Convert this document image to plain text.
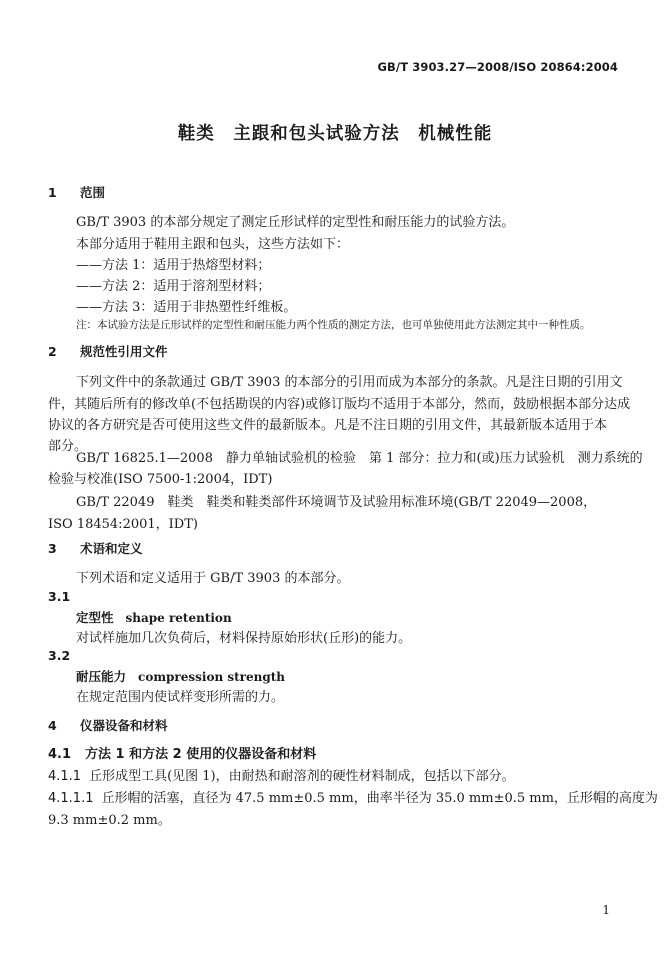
GB/T 3903.27—2008/ISO 20864:2004
鞋类　主跟和包头试验方法　机械性能
1 范围
GB/T 3903 的本部分规定了测定丘形试样的定型性和耐压能力的试验方法。
本部分适用于鞋用主跟和包头，这些方法如下：
——方法 1：适用于热熔型材料；
——方法 2：适用于溶剂型材料；
——方法 3：适用于非热塑性纤维板。
注：本试验方法是丘形试样的定型性和耐压能力两个性质的测定方法，也可单独使用此方法测定其中一种性质。
2 规范性引用文件
下列文件中的条款通过 GB/T 3903 的本部分的引用而成为本部分的条款。凡是注日期的引用文
件，其随后所有的修改单(不包括勘误的内容)或修订版均不适用于本部分，然而，鼓励根据本部分达成
协议的各方研究是否可使用这些文件的最新版本。凡是不注日期的引用文件，其最新版本适用于本
部分。
GB/T 16825.1—2008　静力单轴试验机的检验　第 1 部分：拉力和(或)压力试验机　测力系统的
检验与校准(ISO 7500-1:2004，IDT)
GB/T 22049　鞋类　鞋类和鞋类部件环境调节及试验用标准环境(GB/T 22049—2008，
ISO 18454:2001，IDT)
3 术语和定义
下列术语和定义适用于 GB/T 3903 的本部分。
3.1
定型性 shape retention
对试样施加几次负荷后，材料保持原始形状(丘形)的能力。
3.2
耐压能力 compression strength
在规定范围内使试样变形所需的力。
4 仪器设备和材料
4.1 方法 1 和方法 2 使用的仪器设备和材料
4.1.1 丘形成型工具(见图 1)，由耐热和耐溶剂的硬性材料制成，包括以下部分。
4.1.1.1 丘形帽的活塞，直径为 47.5 mm±0.5 mm，曲率半径为 35.0 mm±0.5 mm，丘形帽的高度为
9.3 mm±0.2 mm。
1
